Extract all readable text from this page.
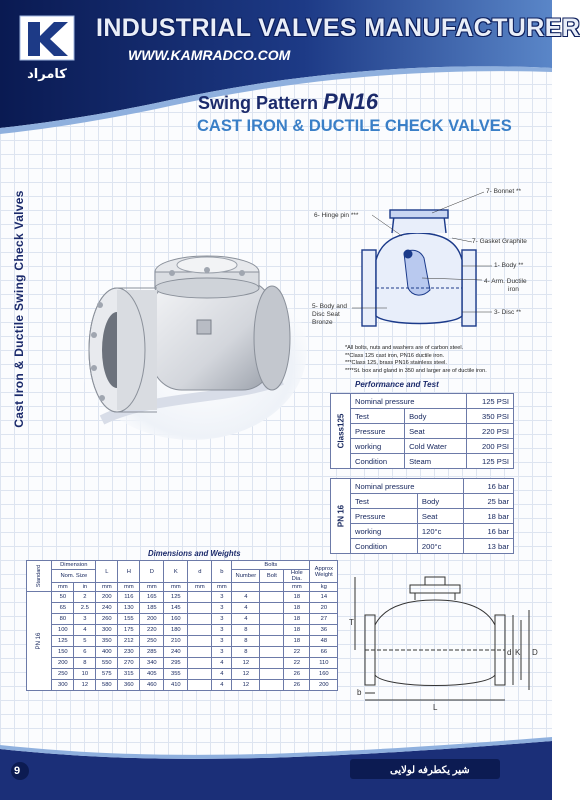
کامراد
INDUSTRIAL VALVES MANUFACTURER
WWW.KAMRADCO.COM
Swing Pattern PN16
CAST IRON & DUCTILE CHECK VALVES
Cast Iron & Ductile Swing Check Valves	7- Bonnet **
6- Hinge pin ***
7- Gasket Graphite
1- Body **
4- Arm. Ductile
iron
5- Body and
Disc Seat
Bronze
3- Disc **
*All bolts, nuts and washers are of carbon steel.
**Class 125 cast iron, PN16 ductile iron.
***Class 125, brass PN16 stainless steel.
****St. box and gland in 350 and larger are of ductile iron.
Performance and Test
Class125	Nominal pressure		125 PSI
	Test	Body	350 PSI
	Pressure	Seat	220 PSI
	working	Cold Water	200 PSI
	Condition	Steam	125 PSI
PN 16	Nominal pressure		16 bar
	Test	Body	25 bar
	Pressure	Seat	18 bar
	working	120°c	16 bar
	Condition	200°c	13 bar
Dimensions and Weights
Standard	Dimension		L	H	D	K	d	b	Bolts			Approx
Weight
	Nom. Size								Number	Bolt	Hole Dia.	
	mm	in	mm	mm	mm	mm	mm	mm			mm	kg

PN 16	50	2	200	116	165	125		3	4		18	14
	65	2.5	240	130	185	145		3	4		18	20
	80	3	260	155	200	160		3	4		18	27
	100	4	300	175	220	180		3	8		18	36
	125	5	350	212	250	210		3	8		18	48
	150	6	400	230	285	240		3	8		22	66
	200	8	550	270	340	295		4	12		22	110
	250	10	575	315	405	355		4	12		26	160
	300	12	580	360	460	410		4	12		26	200
T
d K D
b
L
9	شیر یکطرفه لولایی
